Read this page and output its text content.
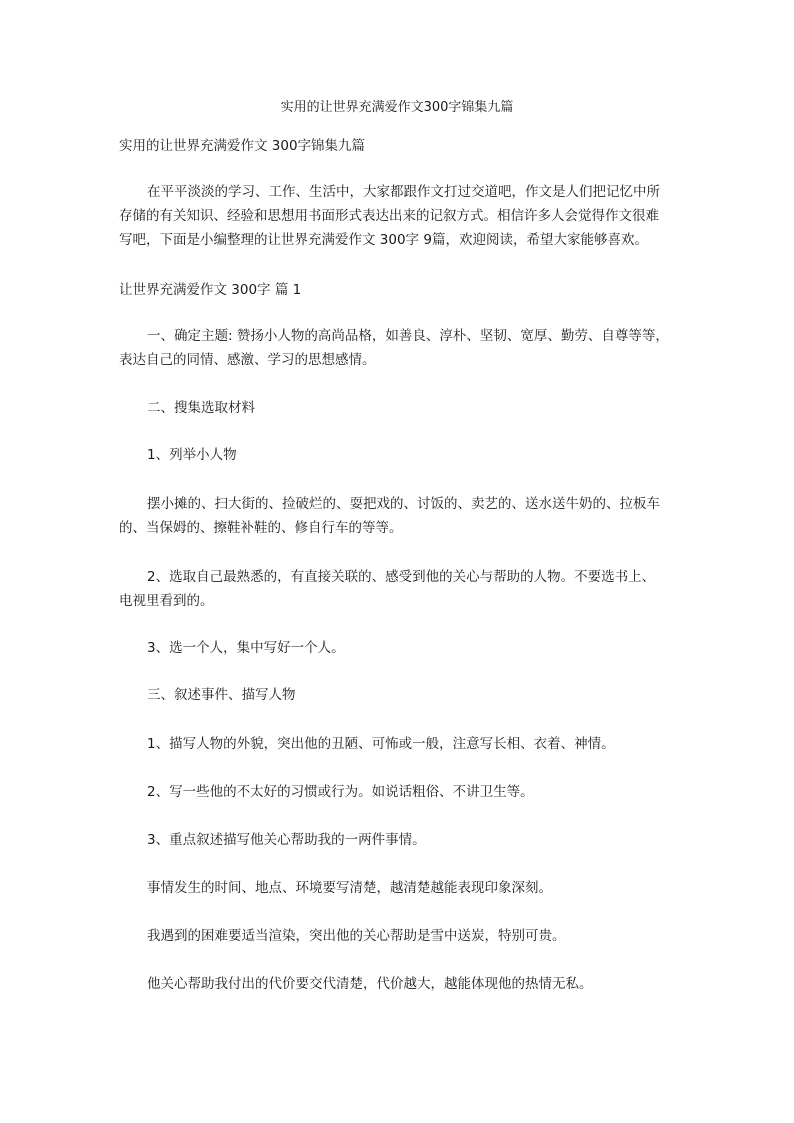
实用的让世界充满爱作文300字锦集九篇
实用的让世界充满爱作文 300字锦集九篇
在平平淡淡的学习、工作、生活中，大家都跟作文打过交道吧，作文是人们把记忆中所
存储的有关知识、经验和思想用书面形式表达出来的记叙方式。相信许多人会觉得作文很难
写吧，下面是小编整理的让世界充满爱作文 300字 9篇，欢迎阅读，希望大家能够喜欢。
让世界充满爱作文 300字 篇 1
一、确定主题: 赞扬小人物的高尚品格，如善良、淳朴、坚韧、宽厚、勤劳、自尊等等，
表达自己的同情、感激、学习的思想感情。
二、搜集选取材料
1、列举小人物
摆小摊的、扫大街的、捡破烂的、耍把戏的、讨饭的、卖艺的、送水送牛奶的、拉板车
的、当保姆的、擦鞋补鞋的、修自行车的等等。
2、选取自己最熟悉的，有直接关联的、感受到他的关心与帮助的人物。不要选书上、
电视里看到的。
3、选一个人，集中写好一个人。
三、叙述事件、描写人物
1、描写人物的外貌，突出他的丑陋、可怖或一般，注意写长相、衣着、神情。
2、写一些他的不太好的习惯或行为。如说话粗俗、不讲卫生等。
3、重点叙述描写他关心帮助我的一两件事情。
事情发生的时间、地点、环境要写清楚，越清楚越能表现印象深刻。
我遇到的困难要适当渲染，突出他的关心帮助是雪中送炭，特别可贵。
他关心帮助我付出的代价要交代清楚，代价越大，越能体现他的热情无私。
